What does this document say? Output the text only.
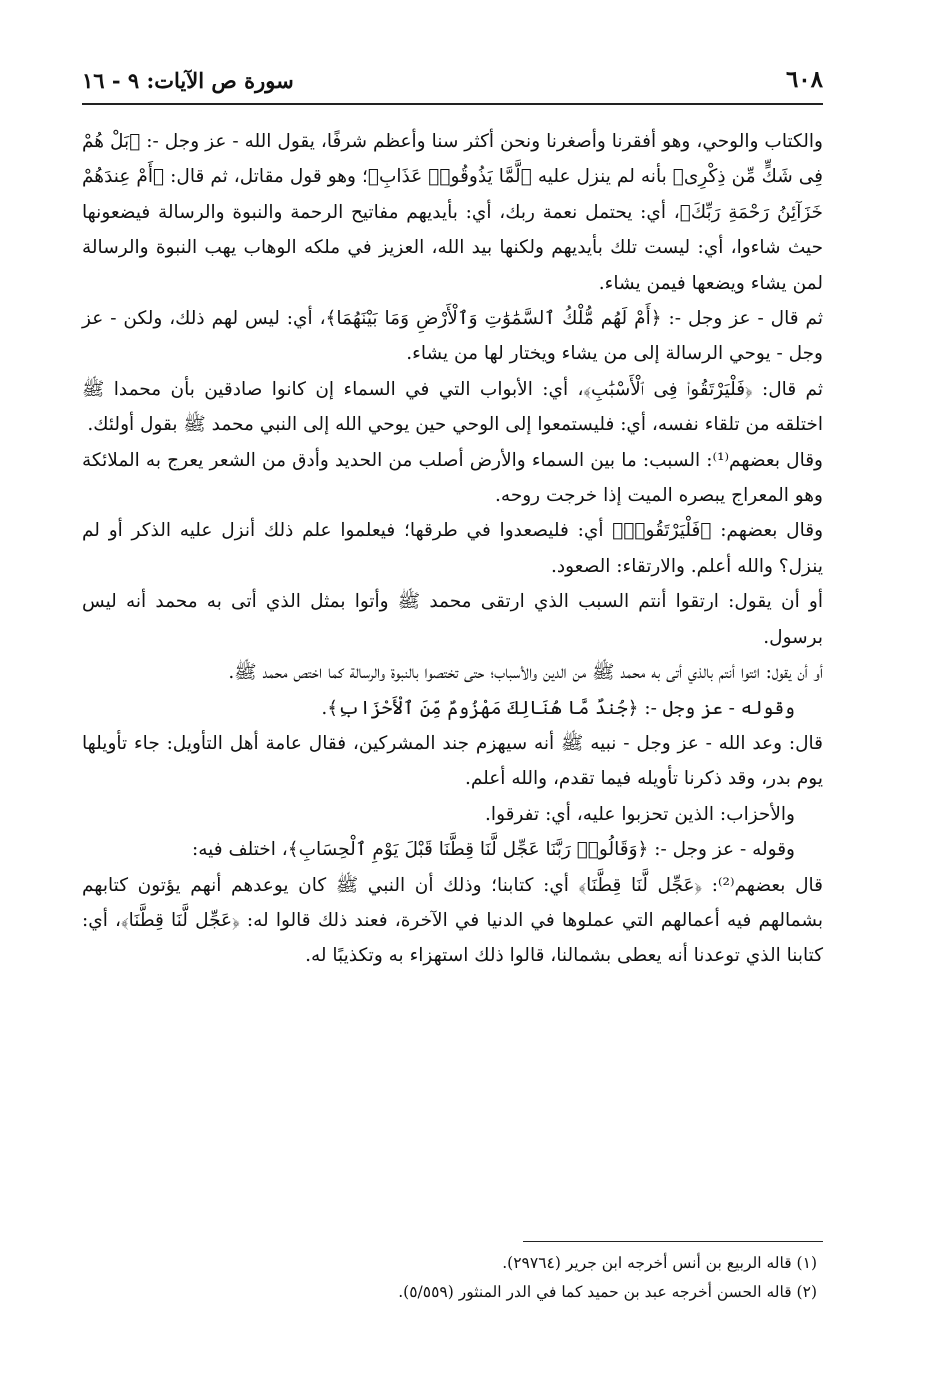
٦٠٨
سورة ص الآيات: ٩ - ١٦

والكتاب والوحي، وهو أفقرنا وأصغرنا ونحن أكثر سنا وأعظم شرفًا، يقول الله - عز وجل -: ﴿بَلْ هُمْ فِى شَكٍّ مِّن ذِكْرِى﴾ بأنه لم ينزل عليه ﴿لَّمَّا يَذُوقُوا۟ عَذَابِ﴾؛ وهو قول مقاتل، ثم قال: ﴿أَمْ عِندَهُمْ خَزَآئِنُ رَحْمَةِ رَبِّكَ﴾، أي: يحتمل نعمة ربك، أي: بأيديهم مفاتيح الرحمة والنبوة والرسالة فيضعونها حيث شاءوا، أي: ليست تلك بأيديهم ولكنها بيد الله، العزيز في ملكه الوهاب يهب النبوة والرسالة لمن يشاء ويضعها فيمن يشاء.

ثم قال - عز وجل -: ﴿أَمْ لَهُم مُّلْكُ ٱلسَّمَٰوَٰتِ وَٱلْأَرْضِ وَمَا بَيْنَهُمَا﴾، أي: ليس لهم ذلك، ولكن - عز وجل - يوحي الرسالة إلى من يشاء ويختار لها من يشاء.

ثم قال: ﴿فَلْيَرْتَقُوا۟ فِى ٱلْأَسْبَٰبِ﴾، أي: الأبواب التي في السماء إن كانوا صادقين بأن محمدا ﷺ اختلقه من تلقاء نفسه، أي: فليستمعوا إلى الوحي حين يوحي الله إلى النبي محمد ﷺ بقول أولئك.

وقال بعضهم⁽¹⁾: السبب: ما بين السماء والأرض أصلب من الحديد وأدق من الشعر يعرج به الملائكة وهو المعراج يبصره الميت إذا خرجت روحه.

وقال بعضهم: ﴿فَلْيَرْتَقُوا۟﴾ أي: فليصعدوا في طرقها؛ فيعلموا علم ذلك أنزل عليه الذكر أو لم ينزل؟ والله أعلم. والارتقاء: الصعود.

أو أن يقول: ارتقوا أنتم السبب الذي ارتقى محمد ﷺ وأتوا بمثل الذي أتى به محمد أنه ليس برسول.

أو أن يقول: ائتوا أنتم بالذي أتى به محمد ﷺ من الدين والأسباب؛ حتى تختصوا بالنبوة والرسالة كما اختص محمد ﷺ.

وقوله - عز وجل -: ﴿جُندٌ مَّا هُنَالِكَ مَهْزُومٌ مِّنَ ٱلْأَحْزَابِ﴾.

قال: وعد الله - عز وجل - نبيه ﷺ أنه سيهزم جند المشركين، فقال عامة أهل التأويل: جاء تأويلها يوم بدر، وقد ذكرنا تأويله فيما تقدم، والله أعلم.

والأحزاب: الذين تحزبوا عليه، أي: تفرقوا.

وقوله - عز وجل -: ﴿وَقَالُوا۟ رَبَّنَا عَجِّل لَّنَا قِطَّنَا قَبْلَ يَوْمِ ٱلْحِسَابِ﴾، اختلف فيه:

قال بعضهم⁽²⁾: ﴿عَجِّل لَّنَا قِطَّنَا﴾ أي: كتابنا؛ وذلك أن النبي ﷺ كان يوعدهم أنهم يؤتون كتابهم بشمالهم فيه أعمالهم التي عملوها في الدنيا في الآخرة، فعند ذلك قالوا له: ﴿عَجِّل لَّنَا قِطَّنَا﴾، أي: كتابنا الذي توعدنا أنه يعطى بشمالنا، قالوا ذلك استهزاء به وتكذيبًا له.

(١) قاله الربيع بن أنس أخرجه ابن جرير (٢٩٧٦٤).

(٢) قاله الحسن أخرجه عبد بن حميد كما في الدر المنثور (٥/٥٥٩).
